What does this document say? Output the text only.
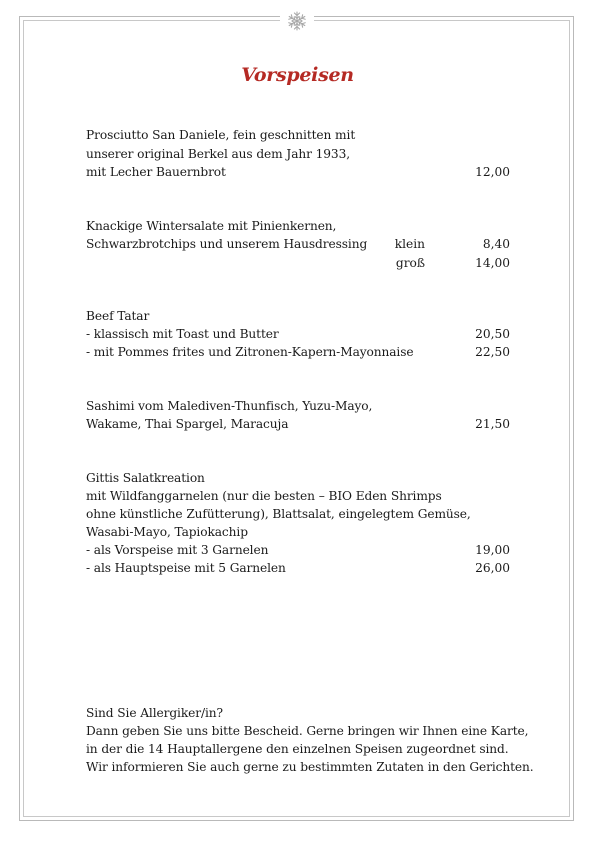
Vorspeisen
Prosciutto San Daniele, fein geschnitten mit
unserer original Berkel aus dem Jahr 1933,
mit Lecher Bauernbrot	12,00
Knackige Wintersalate mit Pinienkernen,
Schwarzbrotchips und unserem Hausdressing	klein	8,40
groß	14,00
Beef Tatar
- klassisch mit Toast und Butter	20,50
- mit Pommes frites und Zitronen-Kapern-Mayonnaise	22,50
Sashimi vom Malediven-Thunfisch, Yuzu-Mayo,
Wakame, Thai Spargel, Maracuja	21,50
Gittis Salatkreation
mit Wildfanggarnelen (nur die besten – BIO Eden Shrimps
ohne künstliche Zufütterung), Blattsalat, eingelegtem Gemüse,
Wasabi-Mayo, Tapiokachip
- als Vorspeise mit 3 Garnelen	19,00
- als Hauptspeise mit 5 Garnelen	26,00
Sind Sie Allergiker/in?
Dann geben Sie uns bitte Bescheid. Gerne bringen wir Ihnen eine Karte,
in der die 14 Hauptallergene den einzelnen Speisen zugeordnet sind.
Wir informieren Sie auch gerne zu bestimmten Zutaten in den Gerichten.
